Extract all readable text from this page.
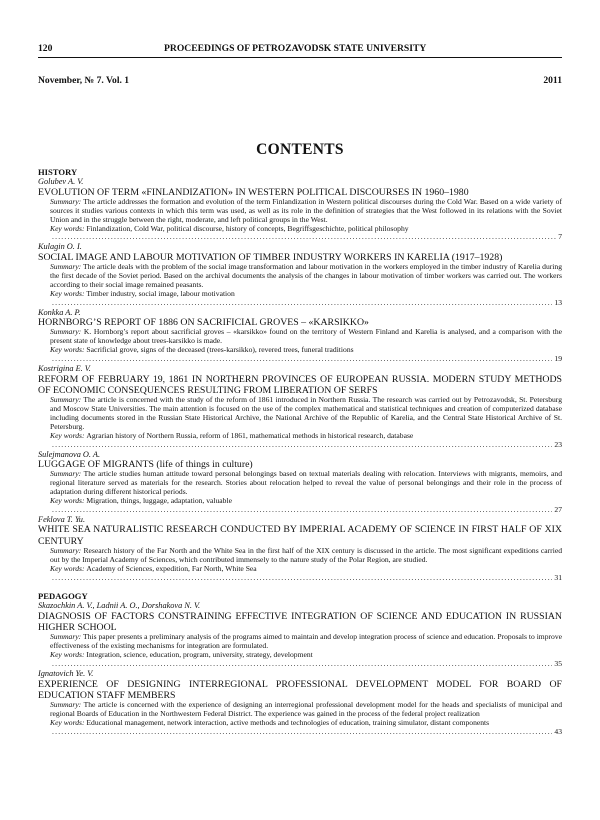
120	PROCEEDINGS OF PETROZAVODSK STATE UNIVERSITY
November, № 7. Vol. 1	2011
CONTENTS
HISTORY
Golubev A. V.
EVOLUTION OF TERM «FINLANDIZATION» IN WESTERN POLITICAL DISCOURSES IN 1960–1980
Summary: The article addresses the formation and evolution of the term Finlandization in Western political discourses during the Cold War. Based on a wide variety of sources it studies various contexts in which this term was used, as well as its role in the definition of strategies that the West followed in its relations with the Soviet Union and in the struggle between the right, moderate, and left political groups in the West.
Key words: Finlandization, Cold War, political discourse, history of concepts, Begriffsgeschichte, political philosophy
.....
7
Kulagin O. I.
SOCIAL IMAGE AND LABOUR MOTIVATION OF TIMBER INDUSTRY WORKERS IN KARELIA (1917–1928)
Summary: The article deals with the problem of the social image transformation and labour motivation in the workers employed in the timber industry of Karelia during the first decade of the Soviet period. Based on the archival documents the analysis of the changes in labour motivation of timber workers was carried out. The workers according to their social image remained peasants.
Key words: Timber industry, social image, labour motivation
.....
13
Konkka A. P.
HORNBORG’S REPORT OF 1886 ON SACRIFICIAL GROVES – «KARSIKKO»
Summary: K. Hornborg’s report about sacrificial groves – «karsikko» found on the territory of Western Finland and Karelia is analysed, and a comparison with the present state of knowledge about trees-karsikko is made.
Key words: Sacrificial grove, signs of the deceased (trees-karsikko), revered trees, funeral traditions
.....
19
Kostrigina E. V.
REFORM OF FEBRUARY 19, 1861 IN NORTHERN PROVINCES OF EUROPEAN RUSSIA. MODERN STUDY METHODS OF ECONOMIC CONSEQUENCES RESULTING FROM LIBERATION OF SERFS
Summary: The article is concerned with the study of the reform of 1861 introduced in Northern Russia. The research was carried out by Petrozavodsk, St. Petersburg and Moscow State Universities. The main attention is focused on the use of the complex mathematical and statistical techniques and creation of computerized database including documents stored in the Russian State Historical Archive, the National Archive of the Republic of Karelia, and the Central State Historical Archive of St. Petersburg.
Key words: Agrarian history of Northern Russia, reform of 1861, mathematical methods in historical research, database
.....
23
Sulejmanova O. A.
LUGGAGE OF MIGRANTS (life of things in culture)
Summary: The article studies human attitude toward personal belongings based on textual materials dealing with relocation. Interviews with migrants, memoirs, and regional literature served as materials for the research. Stories about relocation helped to reveal the value of personal belongings and their role in the process of adaptation during different historical periods.
Key words: Migration, things, luggage, adaptation, valuable
.....
27
Feklova T. Yu.
WHITE SEA NATURALISTIC RESEARCH CONDUCTED BY IMPERIAL ACADEMY OF SCIENCE IN FIRST HALF OF XIX CENTURY
Summary: Research history of the Far North and the White Sea in the first half of the XIX century is discussed in the article. The most significant expeditions carried out by the Imperial Academy of Sciences, which contributed immensely to the nature study of the Polar Region, are studied.
Key words: Academy of Sciences, expedition, Far North, White Sea
.....
31
PEDAGOGY
Skazochkin A. V., Ladnii A. O., Dorshakova N. V.
DIAGNOSIS OF FACTORS CONSTRAINING EFFECTIVE INTEGRATION OF SCIENCE AND EDUCATION IN RUSSIAN HIGHER SCHOOL
Summary: This paper presents a preliminary analysis of the programs aimed to maintain and develop integration process of science and education. Proposals to improve effectiveness of the existing mechanisms for integration are formulated.
Key words: Integration, science, education, program, university, strategy, development
.....
35
Ignatovich Ye. V.
EXPERIENCE OF DESIGNING INTERREGIONAL PROFESSIONAL DEVELOPMENT MODEL FOR BOARD OF EDUCATION STAFF MEMBERS
Summary: The article is concerned with the experience of designing an interregional professional development model for the heads and specialists of municipal and regional Boards of Education in the Northwestern Federal District. The experience was gained in the process of the federal project realization
Key words: Educational management, network interaction, active methods and technologies of education, training simulator, distant components
.....
43
